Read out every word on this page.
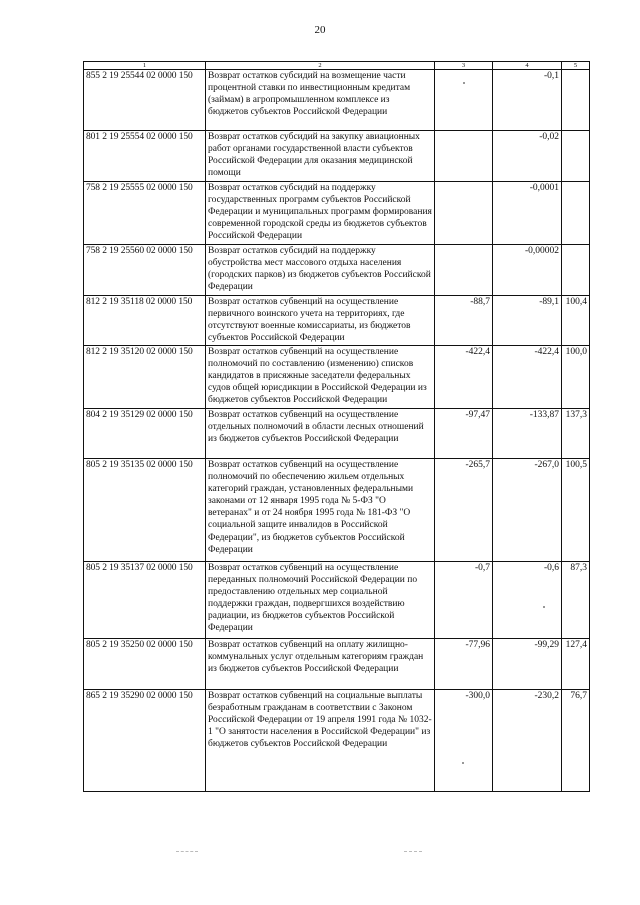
20
1	2	3	4	5
855 2 19 25544 02 0000 150	Возврат остатков субсидий на возмещение части процентной ставки по инвестиционным кредитам (займам) в агропромышленном комплексе из бюджетов субъектов Российской Федерации		-0,1	
801 2 19 25554 02 0000 150	Возврат остатков субсидий на закупку авиационных работ органами государственной власти субъектов Российской Федерации для оказания медицинской помощи		-0,02	
758 2 19 25555 02 0000 150	Возврат остатков субсидий на поддержку государственных программ субъектов Российской Федерации и муниципальных программ формирования современной городской среды из бюджетов субъектов Российской Федерации		-0,0001	
758 2 19 25560 02 0000 150	Возврат остатков субсидий на поддержку обустройства мест массового отдыха населения (городских парков) из бюджетов субъектов Российской Федерации		-0,00002	
812 2 19 35118 02 0000 150	Возврат остатков субвенций на осуществление первичного воинского учета на территориях, где отсутствуют военные комиссариаты, из бюджетов субъектов Российской Федерации	-88,7	-89,1	100,4
812 2 19 35120 02 0000 150	Возврат остатков субвенций на осуществление полномочий по составлению (изменению) списков кандидатов в присяжные заседатели федеральных судов общей юрисдикции в Российской Федерации из бюджетов субъектов Российской Федерации	-422,4	-422,4	100,0
804 2 19 35129 02 0000 150	Возврат остатков субвенций на осуществление отдельных полномочий в области лесных отношений из бюджетов субъектов Российской Федерации	-97,47	-133,87	137,3
805 2 19 35135 02 0000 150	Возврат остатков субвенций на осуществление полномочий по обеспечению жильем отдельных категорий граждан, установленных федеральными законами от 12 января 1995 года № 5-ФЗ "О ветеранах" и от 24 ноября 1995 года № 181-ФЗ "О социальной защите инвалидов в Российской Федерации", из бюджетов субъектов Российской Федерации	-265,7	-267,0	100,5
805 2 19 35137 02 0000 150	Возврат остатков субвенций на осуществление переданных полномочий Российской Федерации по предоставлению отдельных мер социальной поддержки граждан, подвергшихся воздействию радиации, из бюджетов субъектов Российской Федерации	-0,7	-0,6	87,3
805 2 19 35250 02 0000 150	Возврат остатков субвенций на оплату жилищно-коммунальных услуг отдельным категориям граждан из бюджетов субъектов Российской Федерации	-77,96	-99,29	127,4
865 2 19 35290 02 0000 150	Возврат остатков субвенций на социальные выплаты безработным гражданам в соответствии с Законом Российской Федерации от 19 апреля 1991 года № 1032-1 "О занятости населения в Российской Федерации" из бюджетов субъектов Российской Федерации	-300,0	-230,2	76,7
